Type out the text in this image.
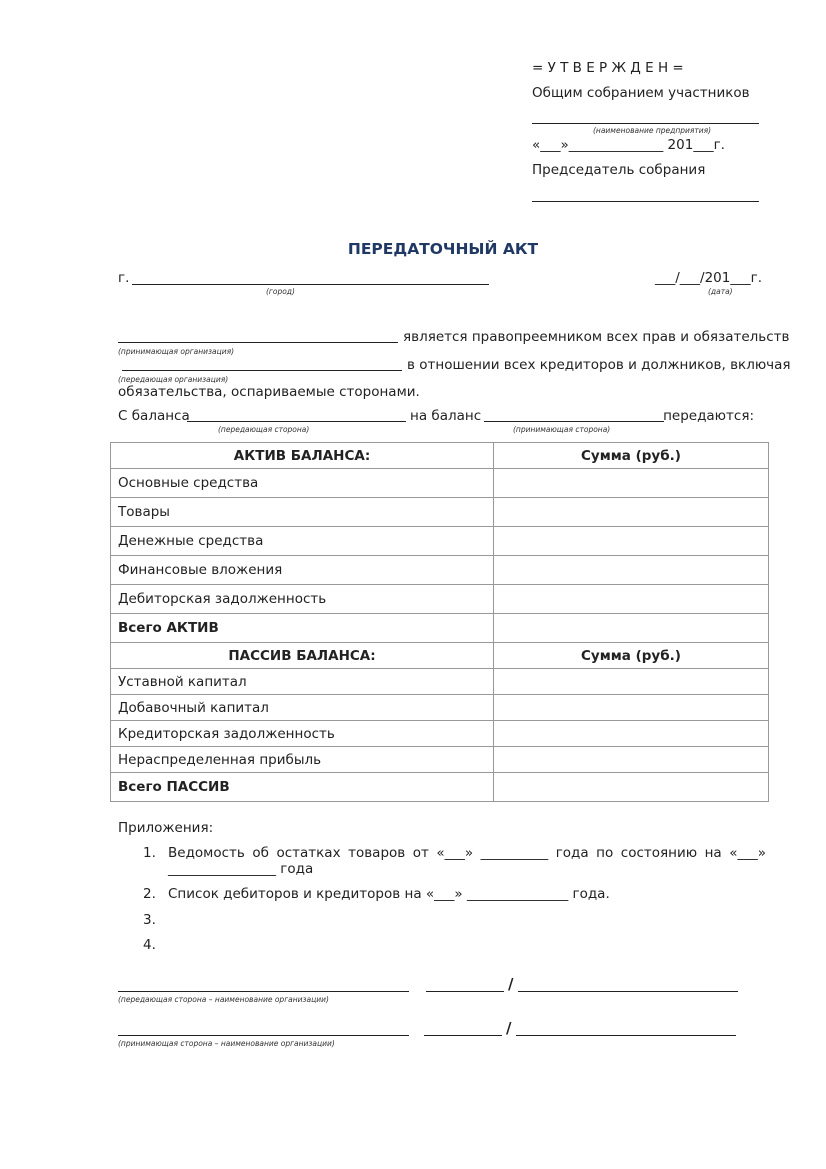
= У Т В Е Р Ж Д Е Н =
Общим собранием участников
(наименование предприятия)
«___»______________ 201___г.
Председатель собрания
ПЕРЕДАТОЧНЫЙ АКТ
г.
(город)
___/___/201___г.
(дата)
является правопреемником всех прав и обязательств
(принимающая организация)
в отношении всех кредиторов и должников, включая
(передающая организация)
обязательства, оспариваемые сторонами.
С баланса
(передающая сторона)
на баланс
(принимающая сторона)
передаются:
АКТИВ БАЛАНСА:	Сумма (руб.)
Основные средства	
Товары	
Денежные средства	
Финансовые вложения	
Дебиторская задолженность	
Всего АКТИВ	
ПАССИВ БАЛАНСА:	Сумма (руб.)
Уставной капитал	
Добавочный капитал	
Кредиторская задолженность	
Нераспределенная прибыль	
Всего ПАССИВ	
Приложения:
1. Ведомость об остатках товаров от «___» __________ года по состоянию на «___»
________________ года
2. Список дебиторов и кредиторов на «___» _______________ года.
3.
4.
/
(передающая сторона – наименование организации)
/
(принимающая сторона – наименование организации)
